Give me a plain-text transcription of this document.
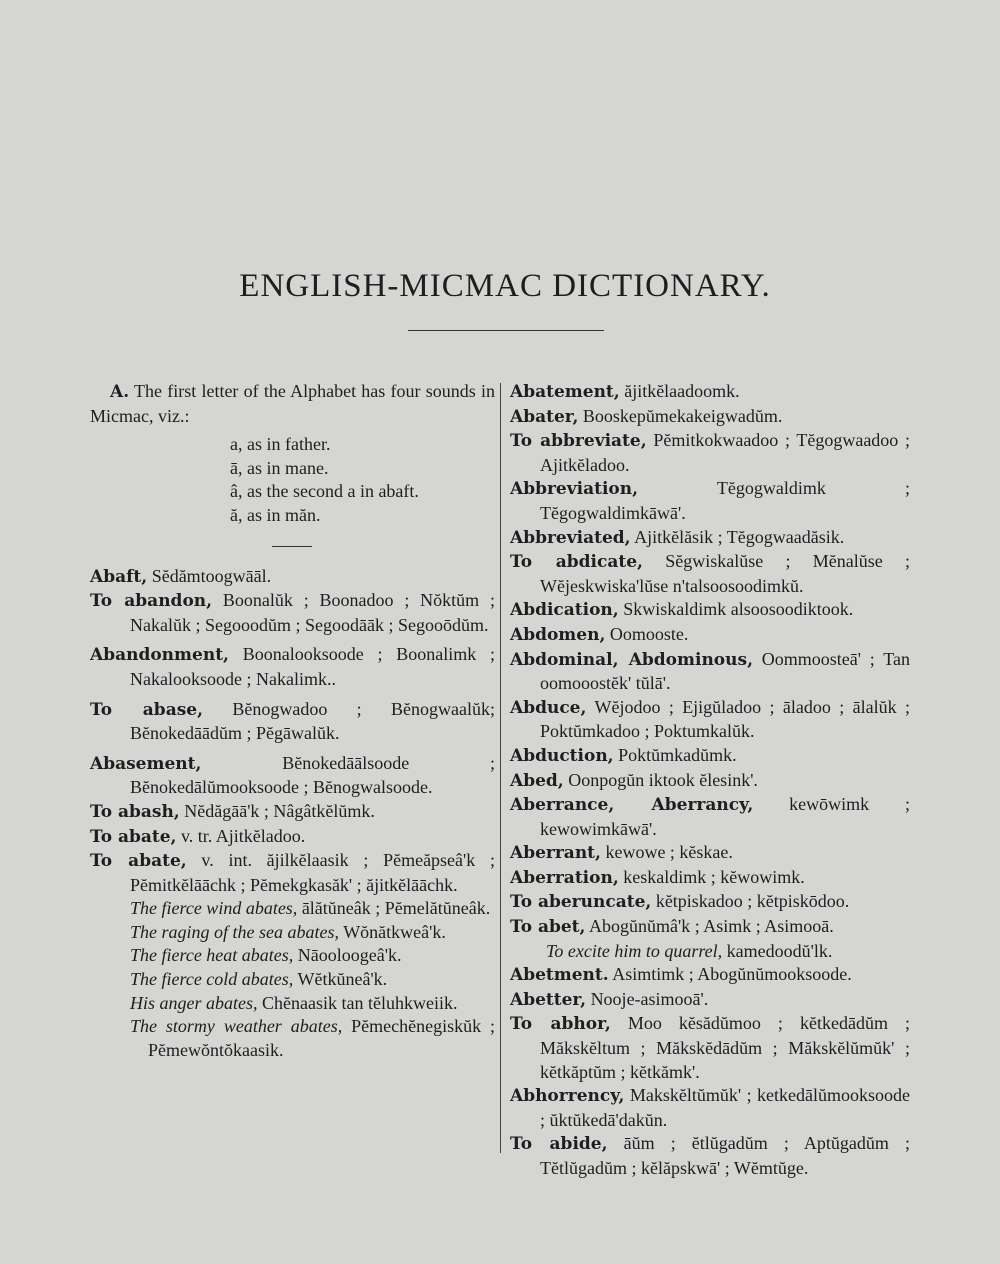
ENGLISH-MICMAC DICTIONARY.

A. The first letter of the Alphabet has four sounds in Micmac, viz.:

a, as in father.
ā, as in mane.
â, as the second a in abaft.
ă, as in măn.

Abaft, Sĕdămtoogwāāl.

To abandon, Boonalŭk ; Boonadoo ; Nŏktŭm ; Nakalŭk ; Segooodŭm ; Segoodāāk ; Segooōdŭm.

Abandonment, Boonalooksoode ; Boonalimk ; Nakalooksoode ; Nakalimk..

To abase, Bĕnogwadoo ; Bĕnogwaalŭk; Bĕnokedāādŭm ; Pĕgāwalŭk.

Abasement,	Bĕnokedāālsoode ; Bĕnokedālŭmooksoode ; Bĕnogwalsoode.

To abash, Nĕdăgāā'k ; Nâgâtkĕlŭmk.

To abate, v. tr. Ajitkĕladoo.

To abate, v. int. ăjilkĕlaasik ; Pĕmeăpseâ'k ; Pĕmitkĕlāāchk ; Pĕmekgkasăk' ; ăjitkĕlāāchk.

The fierce wind abates, ālătŭneâk ; Pĕmelătŭneâk.

The raging of the sea abates, Wŏnătkweâ'k.

The fierce heat abates, Nāooloogeâ'k.

The fierce cold abates, Wĕtkŭneâ'k.

His anger abates, Chĕnaasik tan tĕluhkweiik.

The stormy weather abates, Pĕmechĕnegiskŭk ; Pĕmewŏntŏkaasik.

Abatement, ăjitkĕlaadoomk.

Abater, Booskepŭmekakeigwadŭm.

To abbreviate, Pĕmitkokwaadoo ; Tĕgogwaadoo ; Ajitkĕladoo.

Abbreviation,	Tĕgogwaldimk ; Tĕgogwaldimkāwā'.

Abbreviated, Ajitkĕlăsik ; Tĕgogwaadăsik.

To abdicate, Sĕgwiskalŭse ; Mĕnalŭse ; Wĕjeskwiska'lŭse n'talsoosoodimkŭ.

Abdication, Skwiskaldimk alsoosoodiktook.

Abdomen, Oomooste.

Abdominal, Abdominous, Oommoosteā' ; Tan oomooostĕk' tŭlā'.

Abduce, Wĕjodoo ; Ejigŭladoo ; āladoo ; ālalŭk ; Poktŭmkadoo ; Poktumkalŭk.

Abduction, Poktŭmkadŭmk.

Abed, Oonpogŭn iktook ĕlesink'.

Aberrance, Aberrancy, kewōwimk ; kewowimkāwā'.

Aberrant, kewowe ; kĕskae.

Aberration, keskaldimk ; kĕwowimk.

To aberuncate, kĕtpiskadoo ; kĕtpiskōdoo.

To abet, Abogŭnŭmâ'k ; Asimk ; Asimooā.

To excite him to quarrel, kamedoodŭ'lk.

Abetment. Asimtimk ; Abogŭnŭmooksoode.

Abetter, Nooje-asimooā'.

To abhor, Moo kĕsădŭmoo ; kĕtkedādŭm ; Măkskĕltum ; Măkskĕdādŭm ; Măkskĕlŭmŭk' ; kĕtkăptŭm ; kĕtkămk'.

Abhorrency, Makskĕltŭmŭk' ; ketkedālŭmooksoode ; ŭktŭkedā'dakŭn.

To abide, āŭm ; ĕtlŭgadŭm ; Aptŭgadŭm ; Tĕtlŭgadŭm ; kĕlăpskwā' ; Wĕmtŭge.
